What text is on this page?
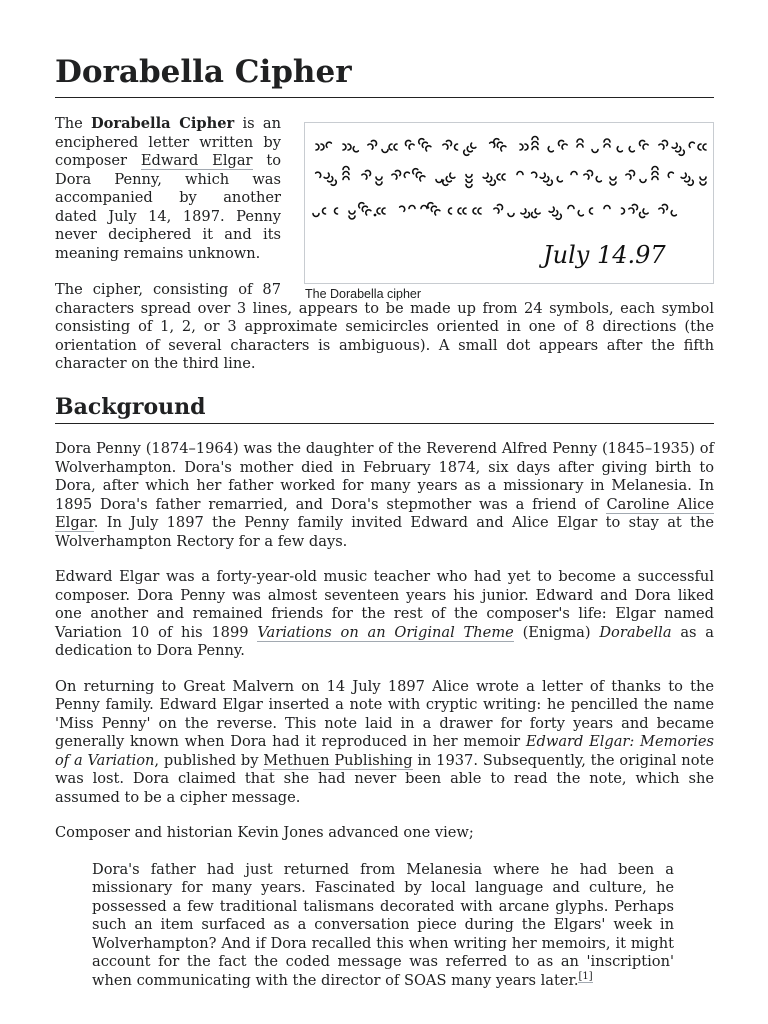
Dorabella Cipher
July 14.97
The Dorabella cipher

The Dorabella Cipher is an enciphered letter written by composer Edward Elgar to Dora Penny, which was accompanied by another dated July 14, 1897. Penny never deciphered it and its meaning remains unknown.

The cipher, consisting of 87 characters spread over 3 lines, appears to be made up from 24 symbols, each symbol consisting of 1, 2, or 3 approximate semicircles oriented in one of 8 directions (the orientation of several characters is ambiguous). A small dot appears after the fifth character on the third line.

Background

Dora Penny (1874–1964) was the daughter of the Reverend Alfred Penny (1845–1935) of Wolverhampton. Dora's mother died in February 1874, six days after giving birth to Dora, after which her father worked for many years as a missionary in Melanesia. In 1895 Dora's father remarried, and Dora's stepmother was a friend of Caroline Alice Elgar. In July 1897 the Penny family invited Edward and Alice Elgar to stay at the Wolverhampton Rectory for a few days.

Edward Elgar was a forty-year-old music teacher who had yet to become a successful composer. Dora Penny was almost seventeen years his junior. Edward and Dora liked one another and remained friends for the rest of the composer's life: Elgar named Variation 10 of his 1899 Variations on an Original Theme (Enigma) Dorabella as a dedication to Dora Penny.

On returning to Great Malvern on 14 July 1897 Alice wrote a letter of thanks to the Penny family. Edward Elgar inserted a note with cryptic writing: he pencilled the name 'Miss Penny' on the reverse. This note laid in a drawer for forty years and became generally known when Dora had it reproduced in her memoir Edward Elgar: Memories of a Variation, published by Methuen Publishing in 1937. Subsequently, the original note was lost. Dora claimed that she had never been able to read the note, which she assumed to be a cipher message.

Composer and historian Kevin Jones advanced one view;

Dora's father had just returned from Melanesia where he had been a missionary for many years. Fascinated by local language and culture, he possessed a few traditional talismans decorated with arcane glyphs. Perhaps such an item surfaced as a conversation piece during the Elgars' week in Wolverhampton? And if Dora recalled this when writing her memoirs, it might account for the fact the coded message was referred to as an 'inscription' when communicating with the director of SOAS many years later.[1]
